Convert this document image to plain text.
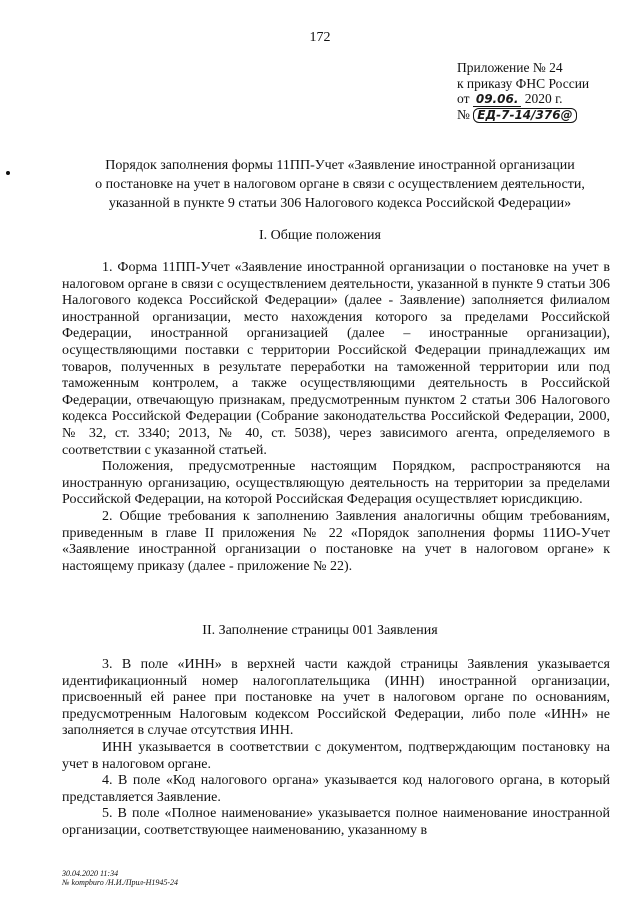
172
Приложение № 24
к приказу ФНС России
от 09.06. 2020 г.
№ ЕД-7-14/376@
Порядок заполнения формы 11ПП-Учет «Заявление иностранной организации
о постановке на учет в налоговом органе в связи с осуществлением деятельности,
указанной в пункте 9 статьи 306 Налогового кодекса Российской Федерации»
I. Общие положения

1. Форма 11ПП-Учет «Заявление иностранной организации о постановке на учет в налоговом органе в связи с осуществлением деятельности, указанной в пункте 9 статьи 306 Налогового кодекса Российской Федерации» (далее - Заявление) заполняется филиалом иностранной организации, место нахождения которого за пределами Российской Федерации, иностранной организацией (далее – иностранные организации), осуществляющими поставки с территории Российской Федерации принадлежащих им товаров, полученных в результате переработки на таможенной территории или под таможенным контролем, а также осуществляющими деятельность в Российской Федерации, отвечающую признакам, предусмотренным пунктом 2 статьи 306 Налогового кодекса Российской Федерации (Собрание законодательства Российской Федерации, 2000, № 32, ст. 3340; 2013, № 40, ст. 5038), через зависимого агента, определяемого в соответствии с указанной статьей.

Положения, предусмотренные настоящим Порядком, распространяются на иностранную организацию, осуществляющую деятельность на территории за пределами Российской Федерации, на которой Российская Федерация осуществляет юрисдикцию.

2. Общие требования к заполнению Заявления аналогичны общим требованиям, приведенным в главе II приложения № 22 «Порядок заполнения формы 11ИО-Учет «Заявление иностранной организации о постановке на учет в налоговом органе» к настоящему приказу (далее - приложение № 22).

II. Заполнение страницы 001 Заявления

3. В поле «ИНН» в верхней части каждой страницы Заявления указывается идентификационный номер налогоплательщика (ИНН) иностранной организации, присвоенный ей ранее при постановке на учет в налоговом органе по основаниям, предусмотренным Налоговым кодексом Российской Федерации, либо поле «ИНН» не заполняется в случае отсутствия ИНН.

ИНН указывается в соответствии с документом, подтверждающим постановку на учет в налоговом органе.

4. В поле «Код налогового органа» указывается код налогового органа, в который представляется Заявление.

5. В поле «Полное наименование» указывается полное наименование иностранной организации, соответствующее наименованию, указанному в

30.04.2020 11:34
№ kompburo /Н.И./Прил-Н1945-24
